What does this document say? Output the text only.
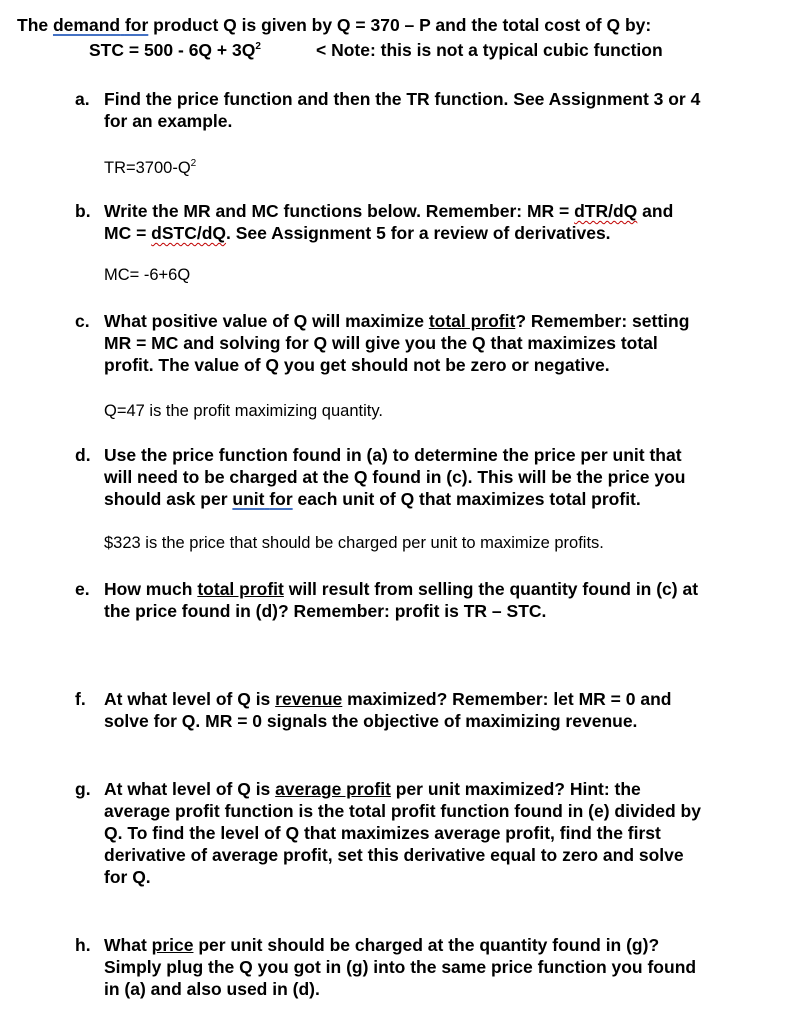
The demand for product Q is given by Q = 370 – P and the total cost of Q by:
STC = $500 - 6Q + 3Q^2$	< Note: this is not a typical cubic function
a. Find the price function and then the TR function. See Assignment 3 or 4
for an example.
$TR=3700-Q^2$
b. Write the MR and MC functions below. Remember: MR = dTR/dQ and
MC = dSTC/dQ. See Assignment 5 for a review of derivatives.
MC= -6+6Q
c. What positive value of Q will maximize total profit? Remember: setting
MR = MC and solving for Q will give you the Q that maximizes total
profit. The value of Q you get should not be zero or negative.
Q=47 is the profit maximizing quantity.
d. Use the price function found in (a) to determine the price per unit that
will need to be charged at the Q found in (c). This will be the price you
should ask per unit for each unit of Q that maximizes total profit.
$323 is the price that should be charged per unit to maximize profits.
e. How much total profit will result from selling the quantity found in (c) at
the price found in (d)? Remember: profit is TR – STC.
f. At what level of Q is revenue maximized? Remember: let MR = 0 and
solve for Q. MR = 0 signals the objective of maximizing revenue.
g. At what level of Q is average profit per unit maximized? Hint: the
average profit function is the total profit function found in (e) divided by
Q. To find the level of Q that maximizes average profit, find the first
derivative of average profit, set this derivative equal to zero and solve
for Q.
h. What price per unit should be charged at the quantity found in (g)?
Simply plug the Q you got in (g) into the same price function you found
in (a) and also used in (d).
